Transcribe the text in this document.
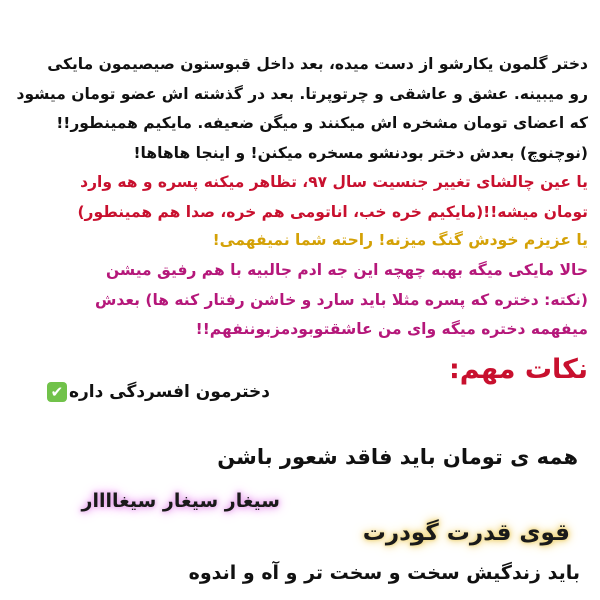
دختر گلمون یکارشو از دست میده، بعد داخل قبوستون صیصیمون مایکی
رو میبینه. عشق و عاشقی و چرتوپرتا. بعد در گذشته اش عضو تومان میشود
که اعضای تومان مشخره اش میکنند و میگن ضعیفه. مایکیم همینطور!!
(نوچنوچ) بعدش دختر بودنشو مسخره میکنن! و اینجا هاهاها!
یا عین چالشای تغییر جنسیت سال ۹۷، تظاهر میکنه پسره و هه وارد
تومان میشه!!(مایکیم خره خب، اناتومی هم خره، صدا هم همینطور)
یا عزیزم خودش گنگ میزنه! راحته شما نمیفهمی!
حالا مایکی میگه بهبه چهچه این جه ادم جالبیه با هم رفیق میشن
(نکته: دختره که پسره مثلا باید سارد و خاشن رفتار کنه ها) بعدش
میفهمه دختره میگه وای من عاشقتوبودمزبوننفهم!!
نکات مهم:
دخترمون افسردگی داره
✔
همه ی تومان باید فاقد شعور باشن
سیغار سیغار سیغاااار
قوی قدرت گودرت
باید زندگیش سخت و سخت تر و آه و اندوه
